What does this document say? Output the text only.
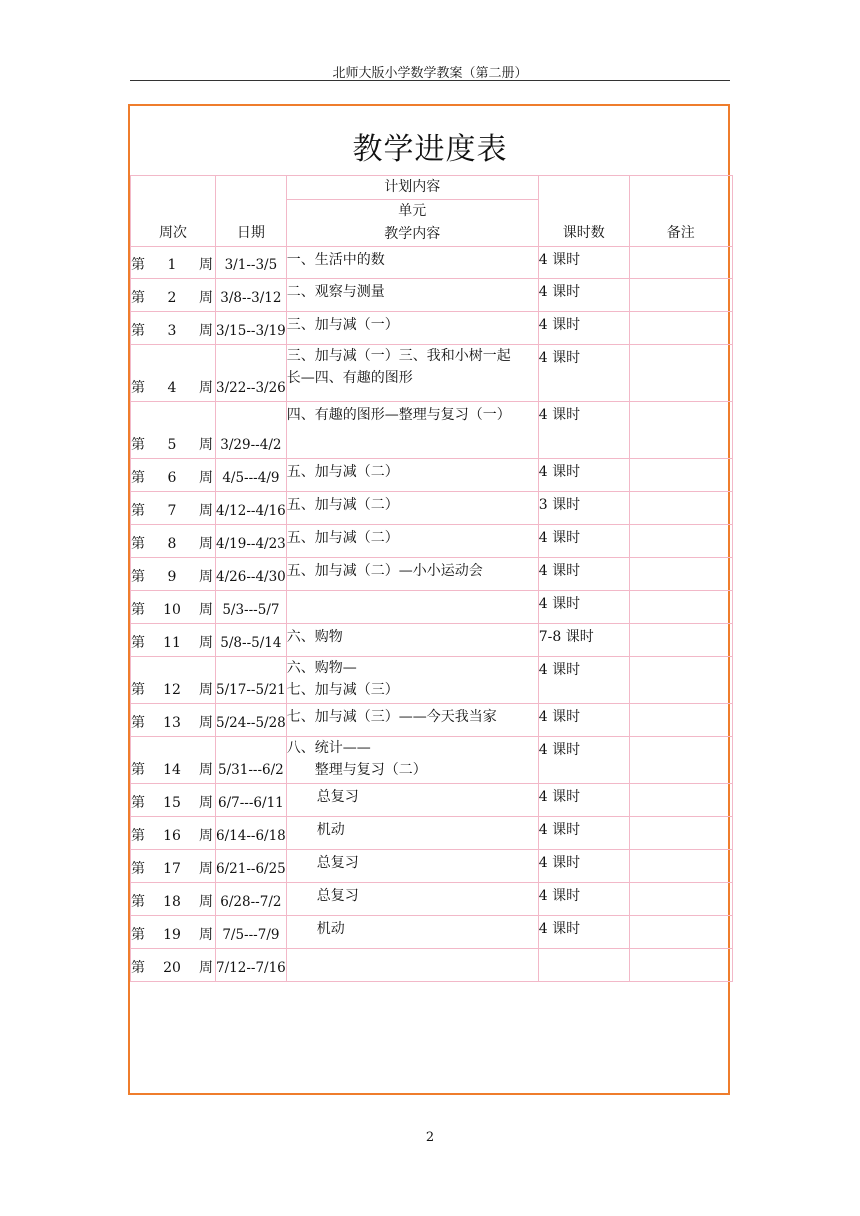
北师大版小学数学教案（第二册）
教学进度表
周次	日期	计划内容	课时数	备注
		单元		
		教学内容		

第 1 周	3/1--3/5	一、生活中的数	4 课时	

第 2 周	3/8--3/12	二、观察与测量	4 课时	

第 3 周	3/15--3/19	三、加与减（一）	4 课时	

第 4 周	3/22--3/26	三、加与减（一）三、我和小树一起
长—四、有趣的图形	4 课时	

第 5 周	3/29--4/2	四、有趣的图形—整理与复习（一）	4 课时	

第 6 周	4/5---4/9	五、加与减（二）	4 课时	

第 7 周	4/12--4/16	五、加与减（二）	3 课时	

第 8 周	4/19--4/23	五、加与减（二）	4 课时	

第 9 周	4/26--4/30	五、加与减（二）—小小运动会	4 课时	

第 10 周	5/3---5/7		4 课时	

第 11 周	5/8--5/14	六、购物	7-8 课时	

第 12 周	5/17--5/21	六、购物—
七、加与减（三）	4 课时	

第 13 周	5/24--5/28	七、加与减（三）——今天我当家	4 课时	

第 14 周	5/31---6/2	八、统计——
整理与复习（二）	4 课时	

第 15 周	6/7---6/11	总复习	4 课时	

第 16 周	6/14--6/18	机动	4 课时	

第 17 周	6/21--6/25	总复习	4 课时	

第 18 周	6/28--7/2	总复习	4 课时	

第 19 周	7/5---7/9	机动	4 课时	

第 20 周	7/12--7/16	

2
